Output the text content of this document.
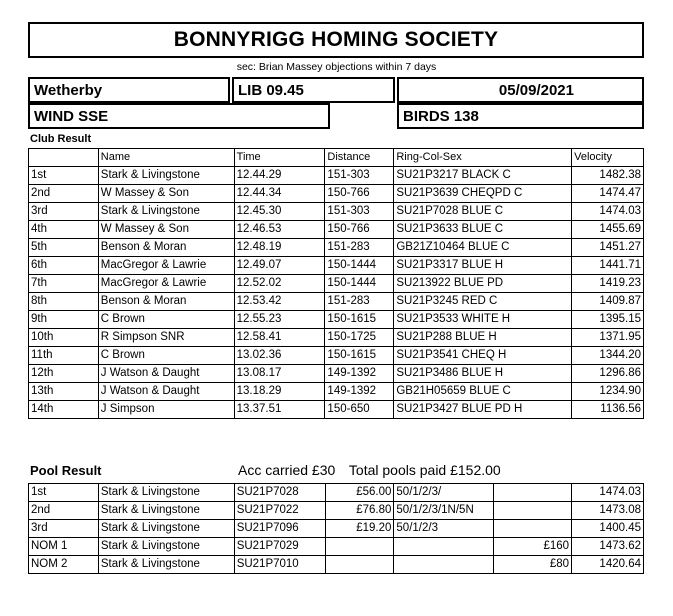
BONNYRIGG HOMING SOCIETY
sec: Brian Massey objections within 7 days
Wetherby	LIB 09.45	05/09/2021
WIND SSE	BIRDS 138
Club Result
	Name	Time	Distance	Ring-Col-Sex	Velocity
1st	Stark & Livingstone	12.44.29	151-303	SU21P3217 BLACK C	1482.38
2nd	W Massey & Son	12.44.34	150-766	SU21P3639 CHEQPD C	1474.47
3rd	Stark & Livingstone	12.45.30	151-303	SU21P7028 BLUE C	1474.03
4th	W Massey & Son	12.46.53	150-766	SU21P3633 BLUE C	1455.69
5th	Benson & Moran	12.48.19	151-283	GB21Z10464 BLUE C	1451.27
6th	MacGregor & Lawrie	12.49.07	150-1444	SU21P3317 BLUE H	1441.71
7th	MacGregor & Lawrie	12.52.02	150-1444	SU213922 BLUE PD	1419.23
8th	Benson & Moran	12.53.42	151-283	SU21P3245 RED C	1409.87
9th	C Brown	12.55.23	150-1615	SU21P3533 WHITE H	1395.15
10th	R Simpson SNR	12.58.41	150-1725	SU21P288 BLUE H	1371.95
11th	C Brown	13.02.36	150-1615	SU21P3541 CHEQ H	1344.20
12th	J Watson & Daught	13.08.17	149-1392	SU21P3486 BLUE H	1296.86
13th	J Watson & Daught	13.18.29	149-1392	GB21H05659 BLUE C	1234.90
14th	J Simpson	13.37.51	150-650	SU21P3427 BLUE PD H	1136.56
Pool Result	Acc carried £30 Total pools paid £152.00
1st	Stark & Livingstone	SU21P7028	£56.00	50/1/2/3/		1474.03
2nd	Stark & Livingstone	SU21P7022	£76.80	50/1/2/3/1N/5N		1473.08
3rd	Stark & Livingstone	SU21P7096	£19.20	50/1/2/3		1400.45
NOM 1	Stark & Livingstone	SU21P7029			£160	1473.62
NOM 2	Stark & Livingstone	SU21P7010			£80	1420.64
